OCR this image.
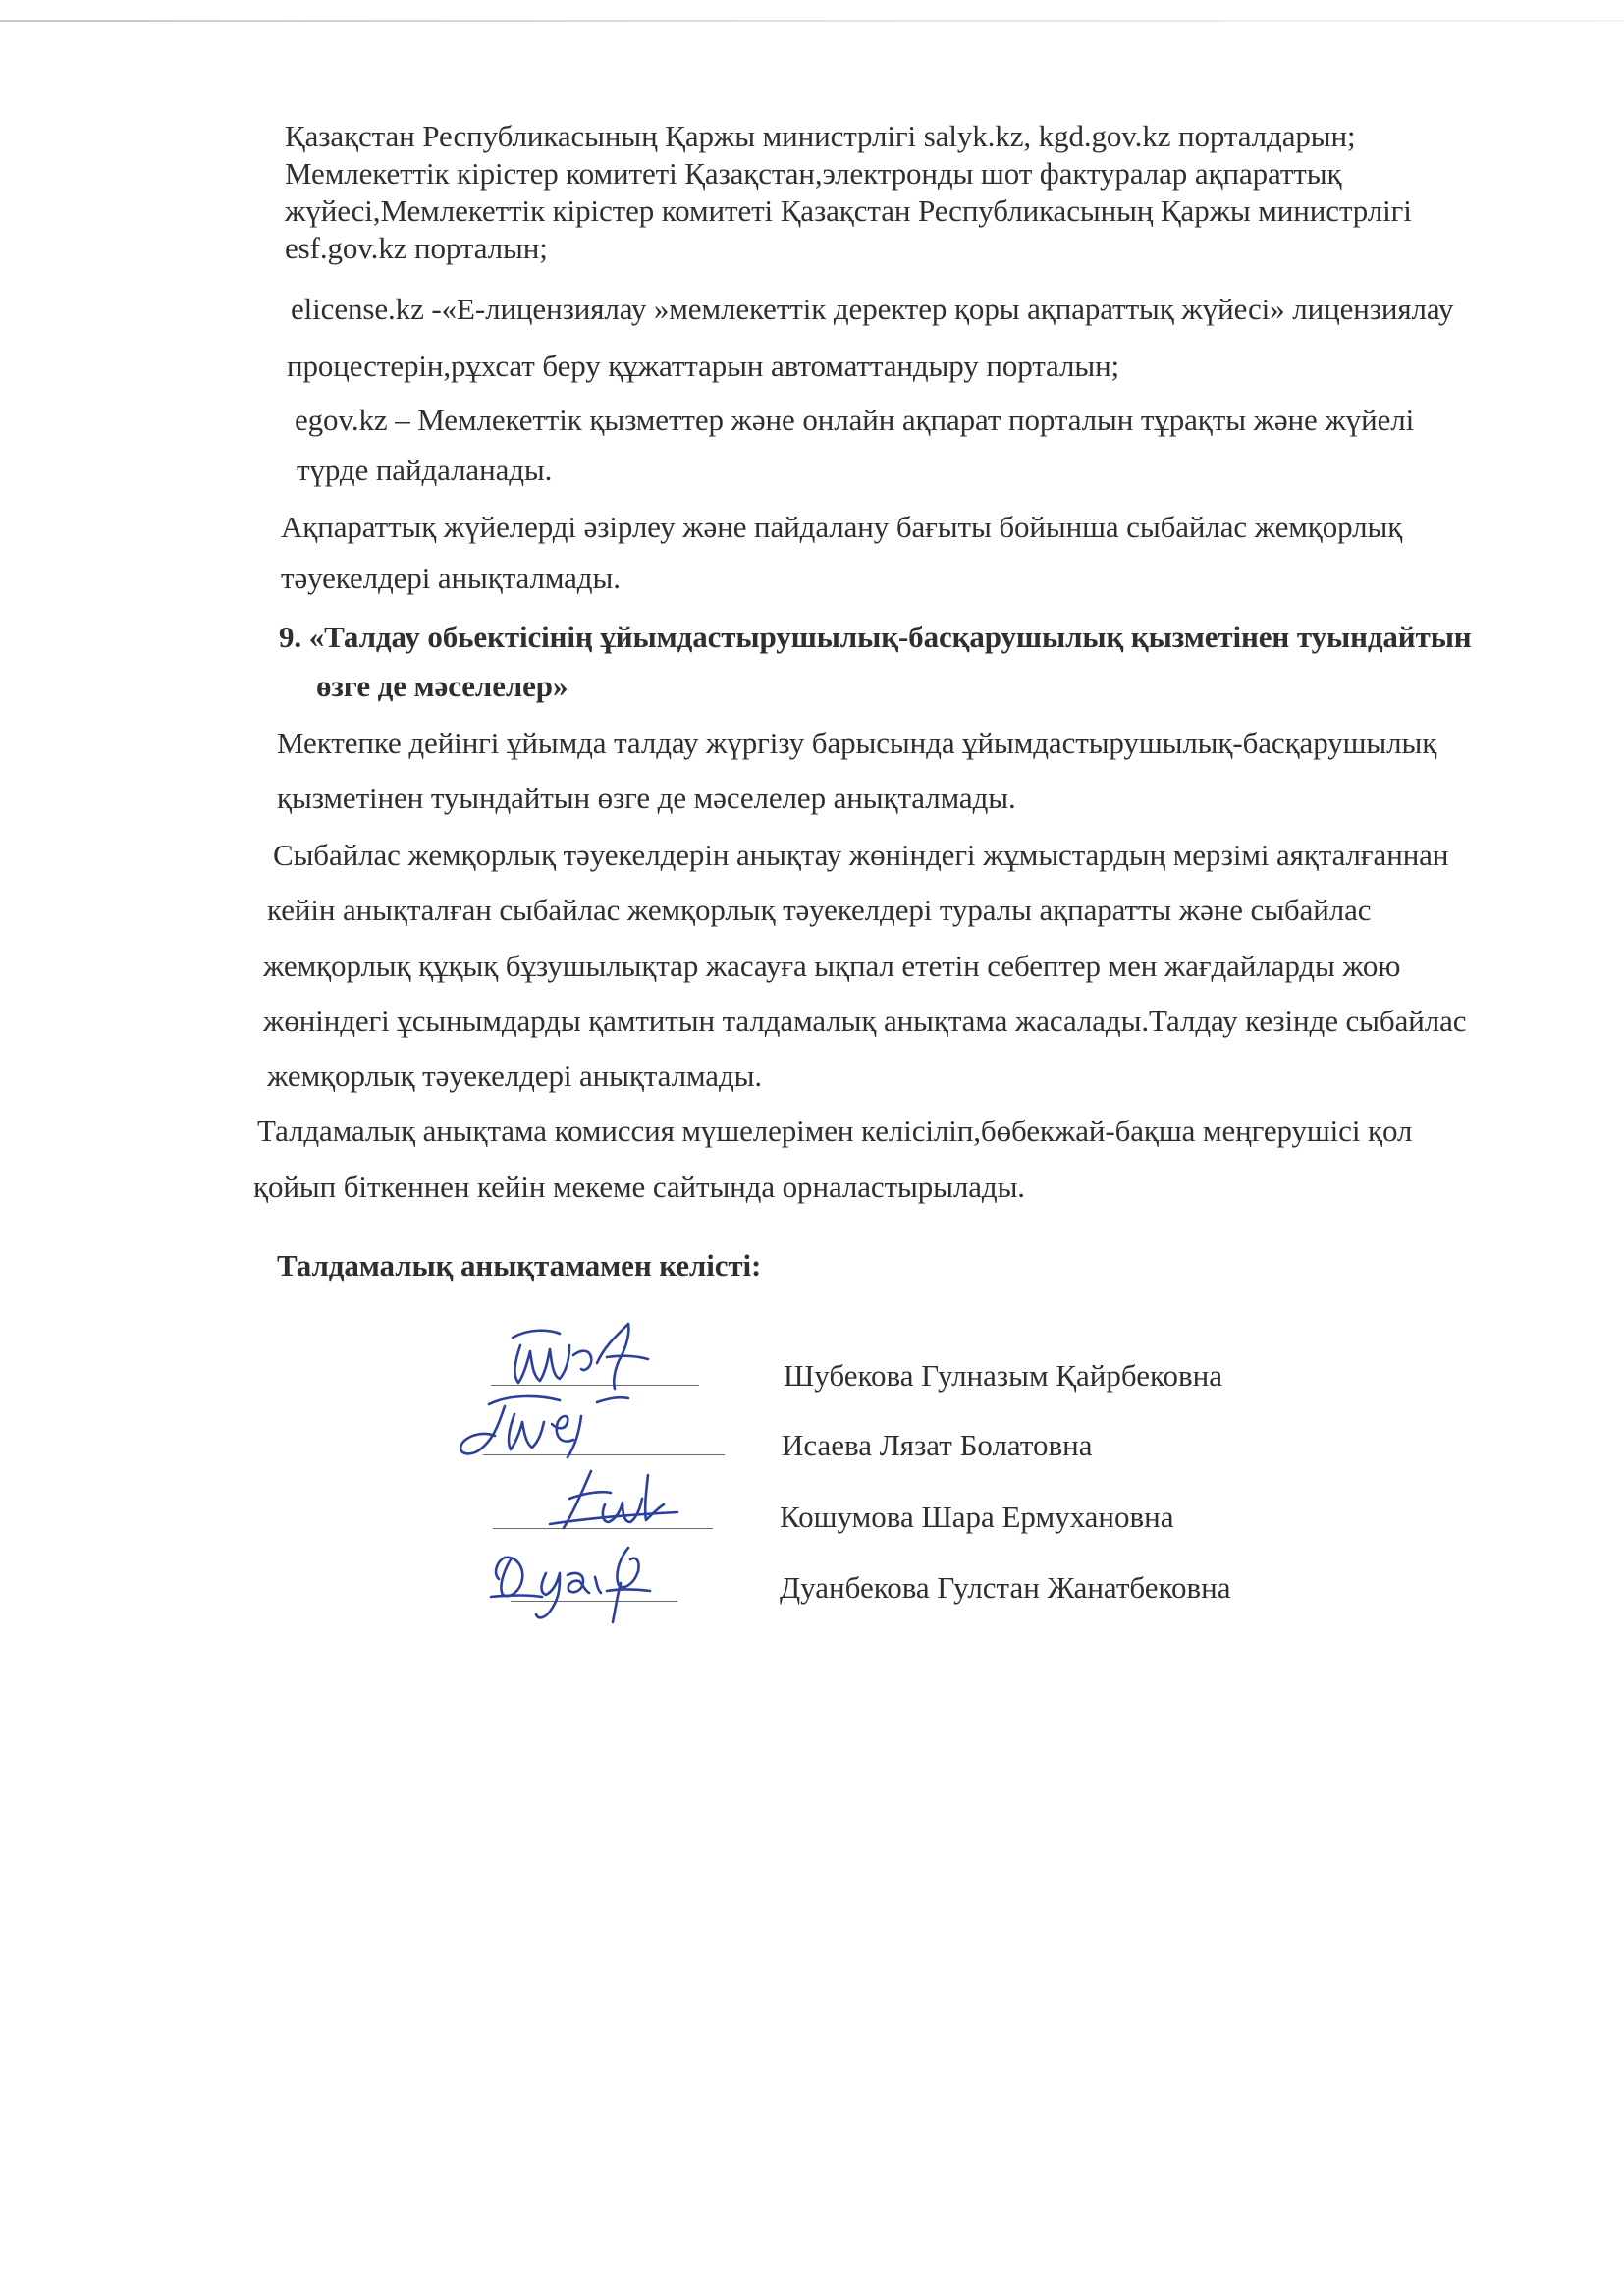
Қазақстан Республикасының Қаржы министрлігі salyk.kz, kgd.gov.kz порталдарын;
Мемлекеттік кірістер комитеті Қазақстан,электронды шот фактуралар ақпараттық
жүйесі,Мемлекеттік кірістер комитеті Қазақстан Республикасының Қаржы министрлігі
esf.gov.kz порталын;
elicense.kz -«Е-лицензиялау »мемлекеттік деректер қоры ақпараттық жүйесі» лицензиялау
процестерін,рұхсат беру құжаттарын автоматтандыру порталын;
egov.kz – Мемлекеттік қызметтер және онлайн ақпарат порталын тұрақты және жүйелі
түрде пайдаланады.
Ақпараттық жүйелерді әзірлеу және пайдалану бағыты бойынша сыбайлас жемқорлық
тәуекелдері анықталмады.
9. «Талдау обьектісінің ұйымдастырушылық-басқарушылық қызметінен туындайтын
өзге де мәселелер»
Мектепке дейінгі ұйымда талдау жүргізу барысында ұйымдастырушылық-басқарушылық
қызметінен туындайтын өзге де мәселелер анықталмады.
Сыбайлас жемқорлық тәуекелдерін анықтау жөніндегі жұмыстардың мерзімі аяқталғаннан
кейін анықталған сыбайлас жемқорлық тәуекелдері туралы ақпаратты және сыбайлас
жемқорлық құқық бұзушылықтар жасауға ықпал ететін себептер мен жағдайларды жою
жөніндегі ұсынымдарды қамтитын талдамалық анықтама жасалады.Талдау кезінде сыбайлас
жемқорлық тәуекелдері анықталмады.
Талдамалық анықтама комиссия мүшелерімен келісіліп,бөбекжай-бақша меңгерушісі қол
қойып біткеннен кейін мекеме сайтында орналастырылады.
Талдамалық анықтамамен келісті:
Шубекова Гулназым Қайрбековна
Исаева Лязат Болатовна
Кошумова Шара Ермухановна
Дуанбекова Гулстан Жанатбековна
